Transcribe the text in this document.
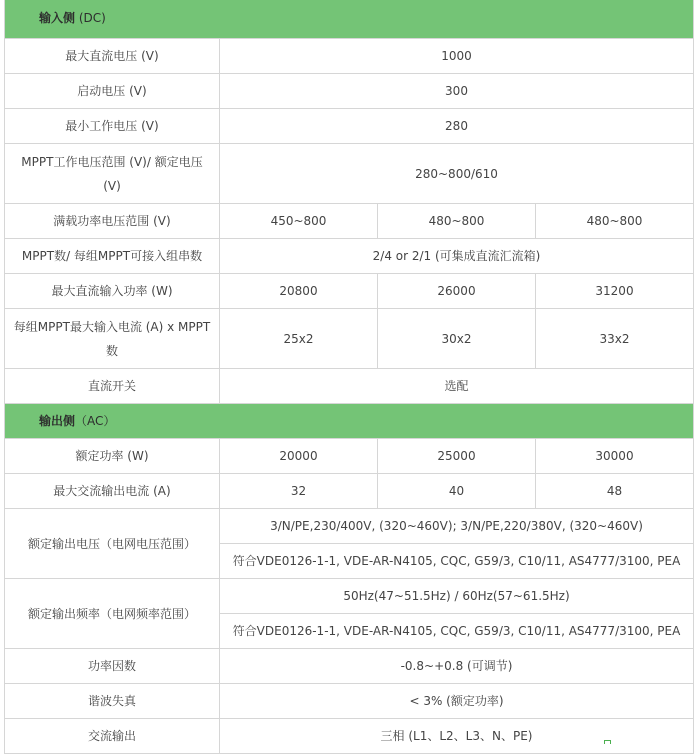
输入侧 (DC)			
最大直流电压 (V)	1000		
启动电压 (V)	300		
最小工作电压 (V)	280		
MPPT工作电压范围 (V)/ 额定电压 (V)	280~800/610		
满载功率电压范围 (V)	450~800	480~800	480~800
MPPT数/ 每组MPPT可接入组串数	2/4 or 2/1 (可集成直流汇流箱)		
最大直流输入功率 (W)	20800	26000	31200
每组MPPT最大输入电流 (A) x MPPT数	25x2	30x2	33x2
直流开关	选配		
输出侧（AC）			
额定功率 (W)	20000	25000	30000
最大交流输出电流 (A)	32	40	48
额定输出电压（电网电压范围）	3/N/PE,230/400V, (320~460V); 3/N/PE,220/380V, (320~460V)		
	符合VDE0126-1-1, VDE-AR-N4105, CQC, G59/3, C10/11, AS4777/3100, PEA		
额定输出频率（电网频率范围）	50Hz(47~51.5Hz) / 60Hz(57~61.5Hz)		
	符合VDE0126-1-1, VDE-AR-N4105, CQC, G59/3, C10/11, AS4777/3100, PEA		
功率因数	-0.8~+0.8 (可调节)		
谐波失真	< 3% (额定功率)		
交流输出	三相 (L1、L2、L3、N、PE)		
